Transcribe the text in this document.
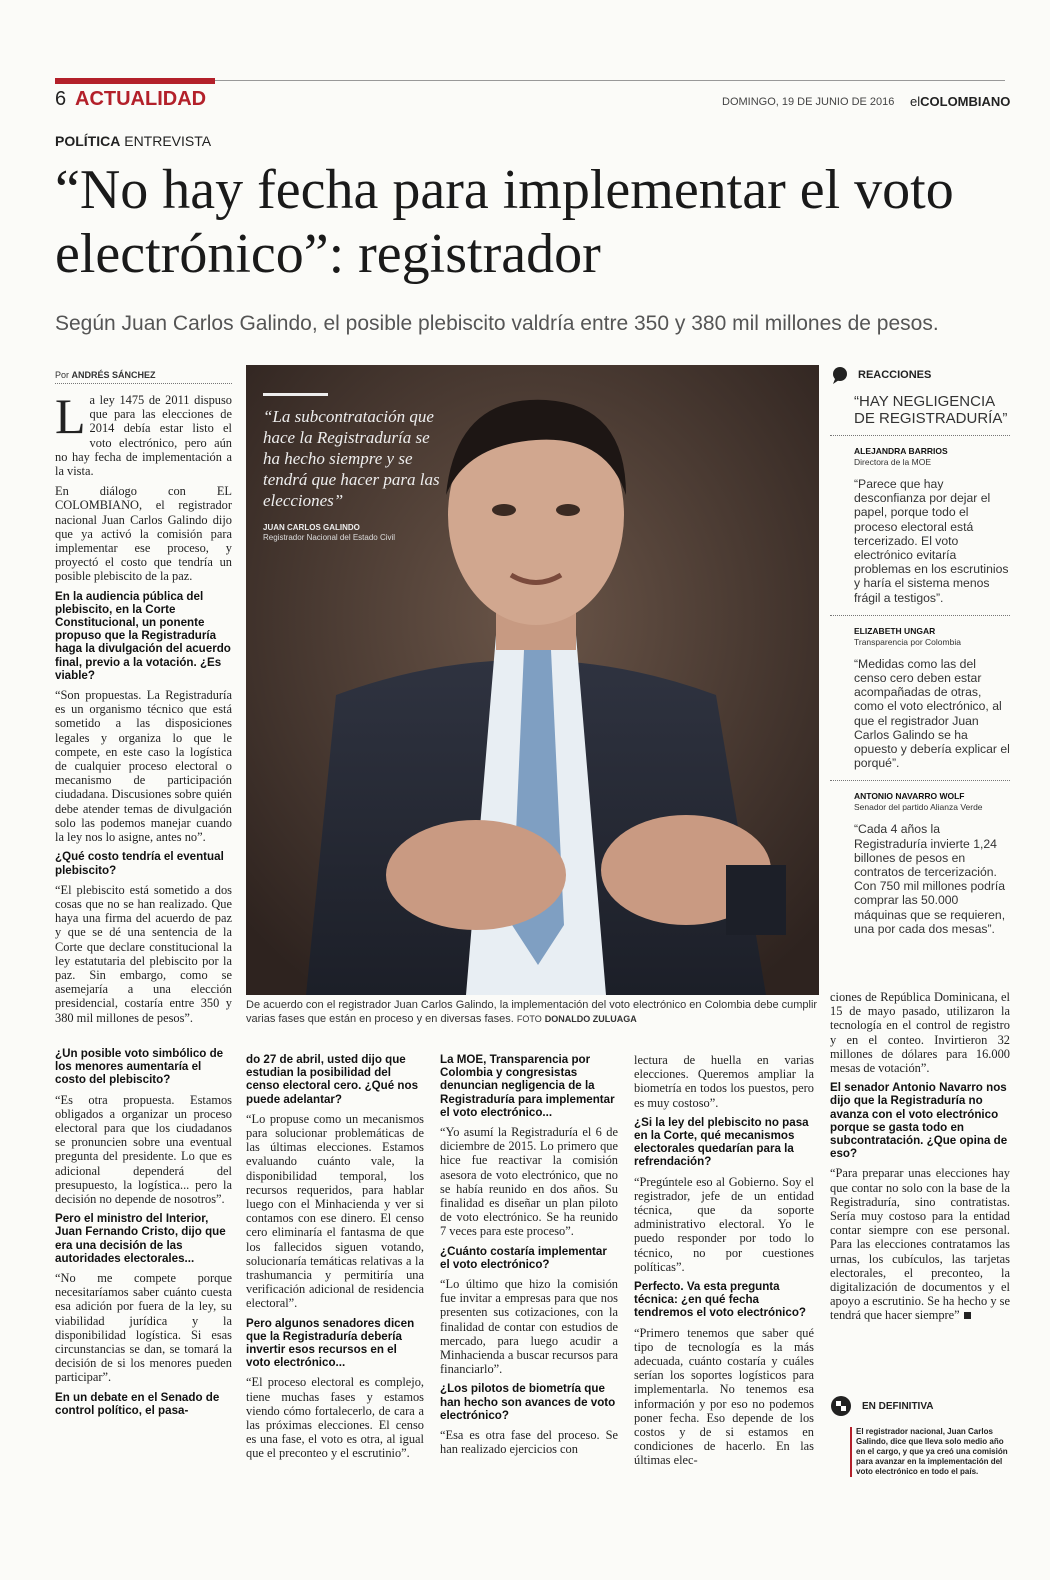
6 ACTUALIDAD	DOMINGO, 19 DE JUNIO DE 2016 elCOLOMBIANO
POLÍTICA ENTREVISTA
“No hay fecha para implementar el voto electrónico”: registrador
Según Juan Carlos Galindo, el posible plebiscito valdría entre 350 y 380 mil millones de pesos.
Por ANDRÉS SÁNCHEZ

La ley 1475 de 2011 dispuso que para las elecciones de 2014 debía estar listo el voto electrónico, pero aún no hay fecha de implementación a la vista.

En diálogo con EL COLOMBIANO, el registrador nacional Juan Carlos Galindo dijo que ya activó la comisión para implementar ese proceso, y proyectó el costo que tendría un posible plebiscito de la paz.

En la audiencia pública del plebiscito, en la Corte Constitucional, un ponente propuso que la Registraduría haga la divulgación del acuerdo final, previo a la votación. ¿Es viable?

“Son propuestas. La Registraduría es un organismo técnico que está sometido a las disposiciones legales y organiza lo que le compete, en este caso la logística de cualquier proceso electoral o mecanismo de participación ciudadana. Discusiones sobre quién debe atender temas de divulgación solo las podemos manejar cuando la ley nos lo asigne, antes no”.

¿Qué costo tendría el eventual plebiscito?

“El plebiscito está sometido a dos cosas que no se han realizado. Que haya una firma del acuerdo de paz y que se dé una sentencia de la Corte que declare constitucional la ley estatutaria del plebiscito por la paz. Sin embargo, como se asemejaría a una elección presidencial, costaría entre 350 y 380 mil millones de pesos”.

¿Un posible voto simbólico de los menores aumentaría el costo del plebiscito?

“Es otra propuesta. Estamos obligados a organizar un proceso electoral para que los ciudadanos se pronuncien sobre una eventual pregunta del presidente. Lo que es adicional dependerá del presupuesto, la logística... pero la decisión no depende de nosotros”.

Pero el ministro del Interior, Juan Fernando Cristo, dijo que era una decisión de las autoridades electorales...

“No me compete porque necesitaríamos saber cuánto cuesta esa adición por fuera de la ley, su viabilidad jurídica y la disponibilidad logística. Si esas circunstancias se dan, se tomará la decisión de si los menores pueden participar”.

En un debate en el Senado de control político, el pasa-

“La subcontratación que hace la Registraduría se ha hecho siempre y se tendrá que hacer para las elecciones”
JUAN CARLOS GALINDO
Registrador Nacional del Estado Civil
De acuerdo con el registrador Juan Carlos Galindo, la implementación del voto electrónico en Colombia debe cumplir varias fases que están en proceso y en diversas fases. FOTO DONALDO ZULUAGA

do 27 de abril, usted dijo que estudian la posibilidad del censo electoral cero. ¿Qué nos puede adelantar?

“Lo propuse como un mecanismos para solucionar problemáticas de las últimas elecciones. Estamos evaluando cuánto vale, la disponibilidad temporal, los recursos requeridos, para hablar luego con el Minhacienda y ver si contamos con ese dinero. El censo cero eliminaría el fantasma de que los fallecidos siguen votando, solucionaría temáticas relativas a la trashumancia y permitiría una verificación adicional de residencia electoral”.

Pero algunos senadores dicen que la Registraduría debería invertir esos recursos en el voto electrónico...

“El proceso electoral es complejo, tiene muchas fases y estamos viendo cómo fortalecerlo, de cara a las próximas elecciones. El censo es una fase, el voto es otra, al igual que el preconteo y el escrutinio”.

La MOE, Transparencia por Colombia y congresistas denuncian negligencia de la Registraduría para implementar el voto electrónico...

“Yo asumí la Registraduría el 6 de diciembre de 2015. Lo primero que hice fue reactivar la comisión asesora de voto electrónico, que no se había reunido en dos años. Su finalidad es diseñar un plan piloto de voto electrónico. Se ha reunido 7 veces para este proceso”.

¿Cuánto costaría implementar el voto electrónico?

“Lo último que hizo la comisión fue invitar a empresas para que nos presenten sus cotizaciones, con la finalidad de contar con estudios de mercado, para luego acudir a Minhacienda a buscar recursos para financiarlo”.

¿Los pilotos de biometría que han hecho son avances de voto electrónico?

“Esa es otra fase del proceso. Se han realizado ejercicios con

lectura de huella en varias elecciones. Queremos ampliar la biometría en todos los puestos, pero es muy costoso”.

¿Si la ley del plebiscito no pasa en la Corte, qué mecanismos electorales quedarían para la refrendación?

“Pregúntele eso al Gobierno. Soy el registrador, jefe de un entidad técnica, que da soporte administrativo electoral. Yo le puedo responder por todo lo técnico, no por cuestiones políticas”.

Perfecto. Va esta pregunta técnica: ¿en qué fecha tendremos el voto electrónico?

“Primero tenemos que saber qué tipo de tecnología es la más adecuada, cuánto costaría y cuáles serían los soportes logísticos para implementarla. No tenemos esa información y por eso no podemos poner fecha. Eso depende de los costos y de si estamos en condiciones de hacerlo. En las últimas elec-

ciones de República Dominicana, el 15 de mayo pasado, utilizaron la tecnología en el control de registro y en el conteo. Invirtieron 32 millones de dólares para 16.000 mesas de votación”.

El senador Antonio Navarro nos dijo que la Registraduría no avanza con el voto electrónico porque se gasta todo en subcontratación. ¿Que opina de eso?

“Para preparar unas elecciones hay que contar no solo con la base de la Registraduría, sino contratistas. Sería muy costoso para la entidad contar siempre con ese personal. Para las elecciones contratamos las urnas, los cubículos, las tarjetas electorales, el preconteo, la digitalización de documentos y el apoyo a escrutinio. Se ha hecho y se tendrá que hacer siempre”

REACCIONES
“HAY NEGLIGENCIA DE REGISTRADURÍA”
ALEJANDRA BARRIOS
Directora de la MOE
“Parece que hay desconfianza por dejar el papel, porque todo el proceso electoral está tercerizado. El voto electrónico evitaría problemas en los escrutinios y haría el sistema menos frágil a testigos”.
ELIZABETH UNGAR
Transparencia por Colombia
“Medidas como las del censo cero deben estar acompañadas de otras, como el voto electrónico, al que el registrador Juan Carlos Galindo se ha opuesto y debería explicar el porqué”.
ANTONIO NAVARRO WOLF
Senador del partido Alianza Verde
“Cada 4 años la Registraduría invierte 1,24 billones de pesos en contratos de tercerización. Con 750 mil millones podría comprar las 50.000 máquinas que se requieren, una por cada dos mesas”.
EN DEFINITIVA
El registrador nacional, Juan Carlos Galindo, dice que lleva solo medio año en el cargo, y que ya creó una comisión para avanzar en la implementación del voto electrónico en todo el país.
